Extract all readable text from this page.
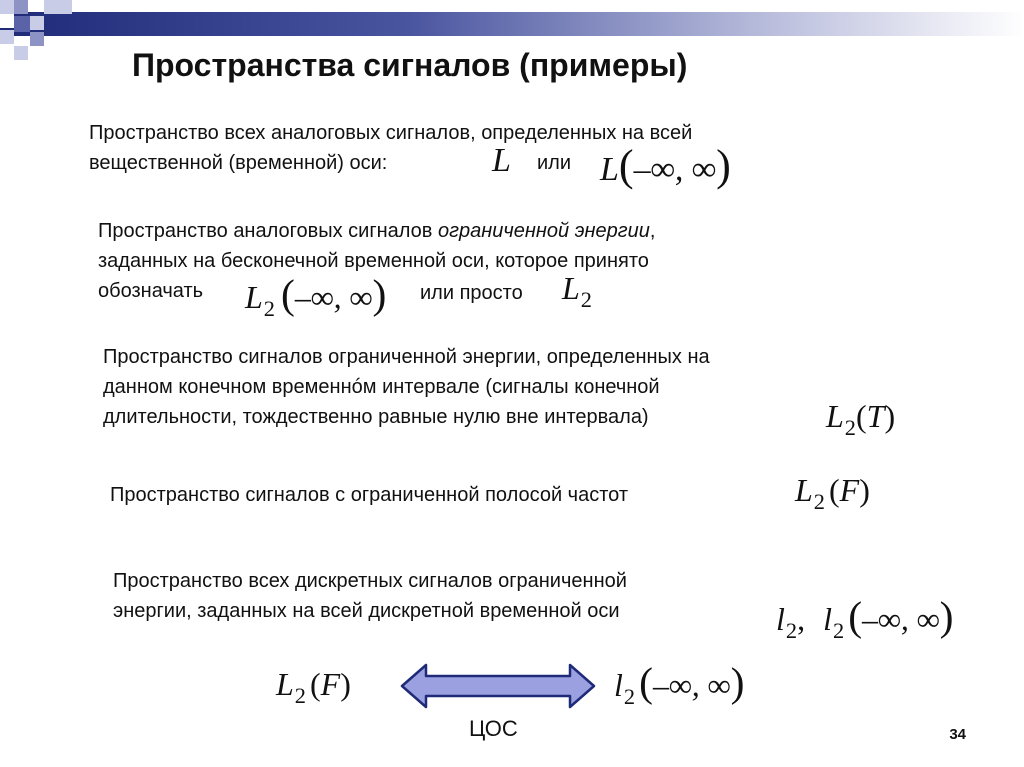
Пространства сигналов (примеры)
Пространство всех аналоговых сигналов, определенных на всей
вещественной (временной) оси:	L или L(–∞, ∞)
Пространство аналоговых сигналов ограниченной энергии,
заданных на бесконечной временной оси, которое принято
обозначать	$L_2$ (–∞, ∞) или просто $L_2$
Пространство сигналов ограниченной энергии, определенных на
данном конечном временнóм интервале (сигналы конечной
длительности, тождественно равные нулю вне интервала)	$L_2(T)$
Пространство сигналов с ограниченной полосой частот	$L_2$ (F)
Пространство всех дискретных сигналов ограниченной
энергии, заданных на всей дискретной временной оси	$l_2$, $l_2(-\infty$, ∞)
$L_2$ (F)	$l_2(-\infty$, ∞)
ЦОС	34
